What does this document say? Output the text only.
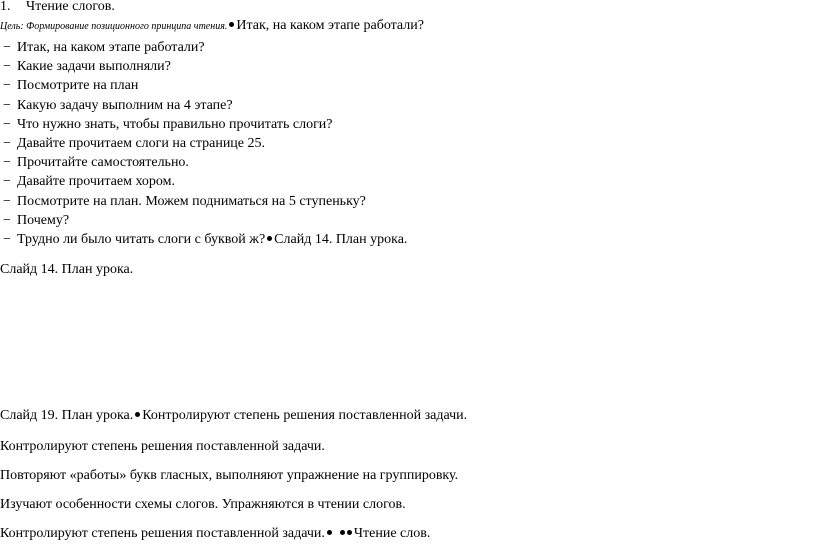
1. Чтение слогов.
Цель: Формирование позиционного принципа чтения. Итак, на каком этапе работали?
− Итак, на каком этапе работали?
− Какие задачи выполняли?
− Посмотрите на план
− Какую задачу выполним на 4 этапе?
− Что нужно знать, чтобы правильно прочитать слоги?
− Давайте прочитаем слоги на странице 25.
− Прочитайте самостоятельно.
− Давайте прочитаем хором.
− Посмотрите на план. Можем подниматься на 5 ступеньку?
− Почему?
− Трудно ли было читать слоги с буквой ж? Слайд 14. План урока.
Слайд 14. План урока.
Слайд 19. План урока. Контролируют степень решения поставленной задачи.
Контролируют степень решения поставленной задачи.
Повторяют «работы» букв гласных, выполняют упражнение на группировку.
Изучают особенности схемы слогов. Упражняются в чтении слогов.
Контролируют степень решения поставленной задачи. Чтение слов.
